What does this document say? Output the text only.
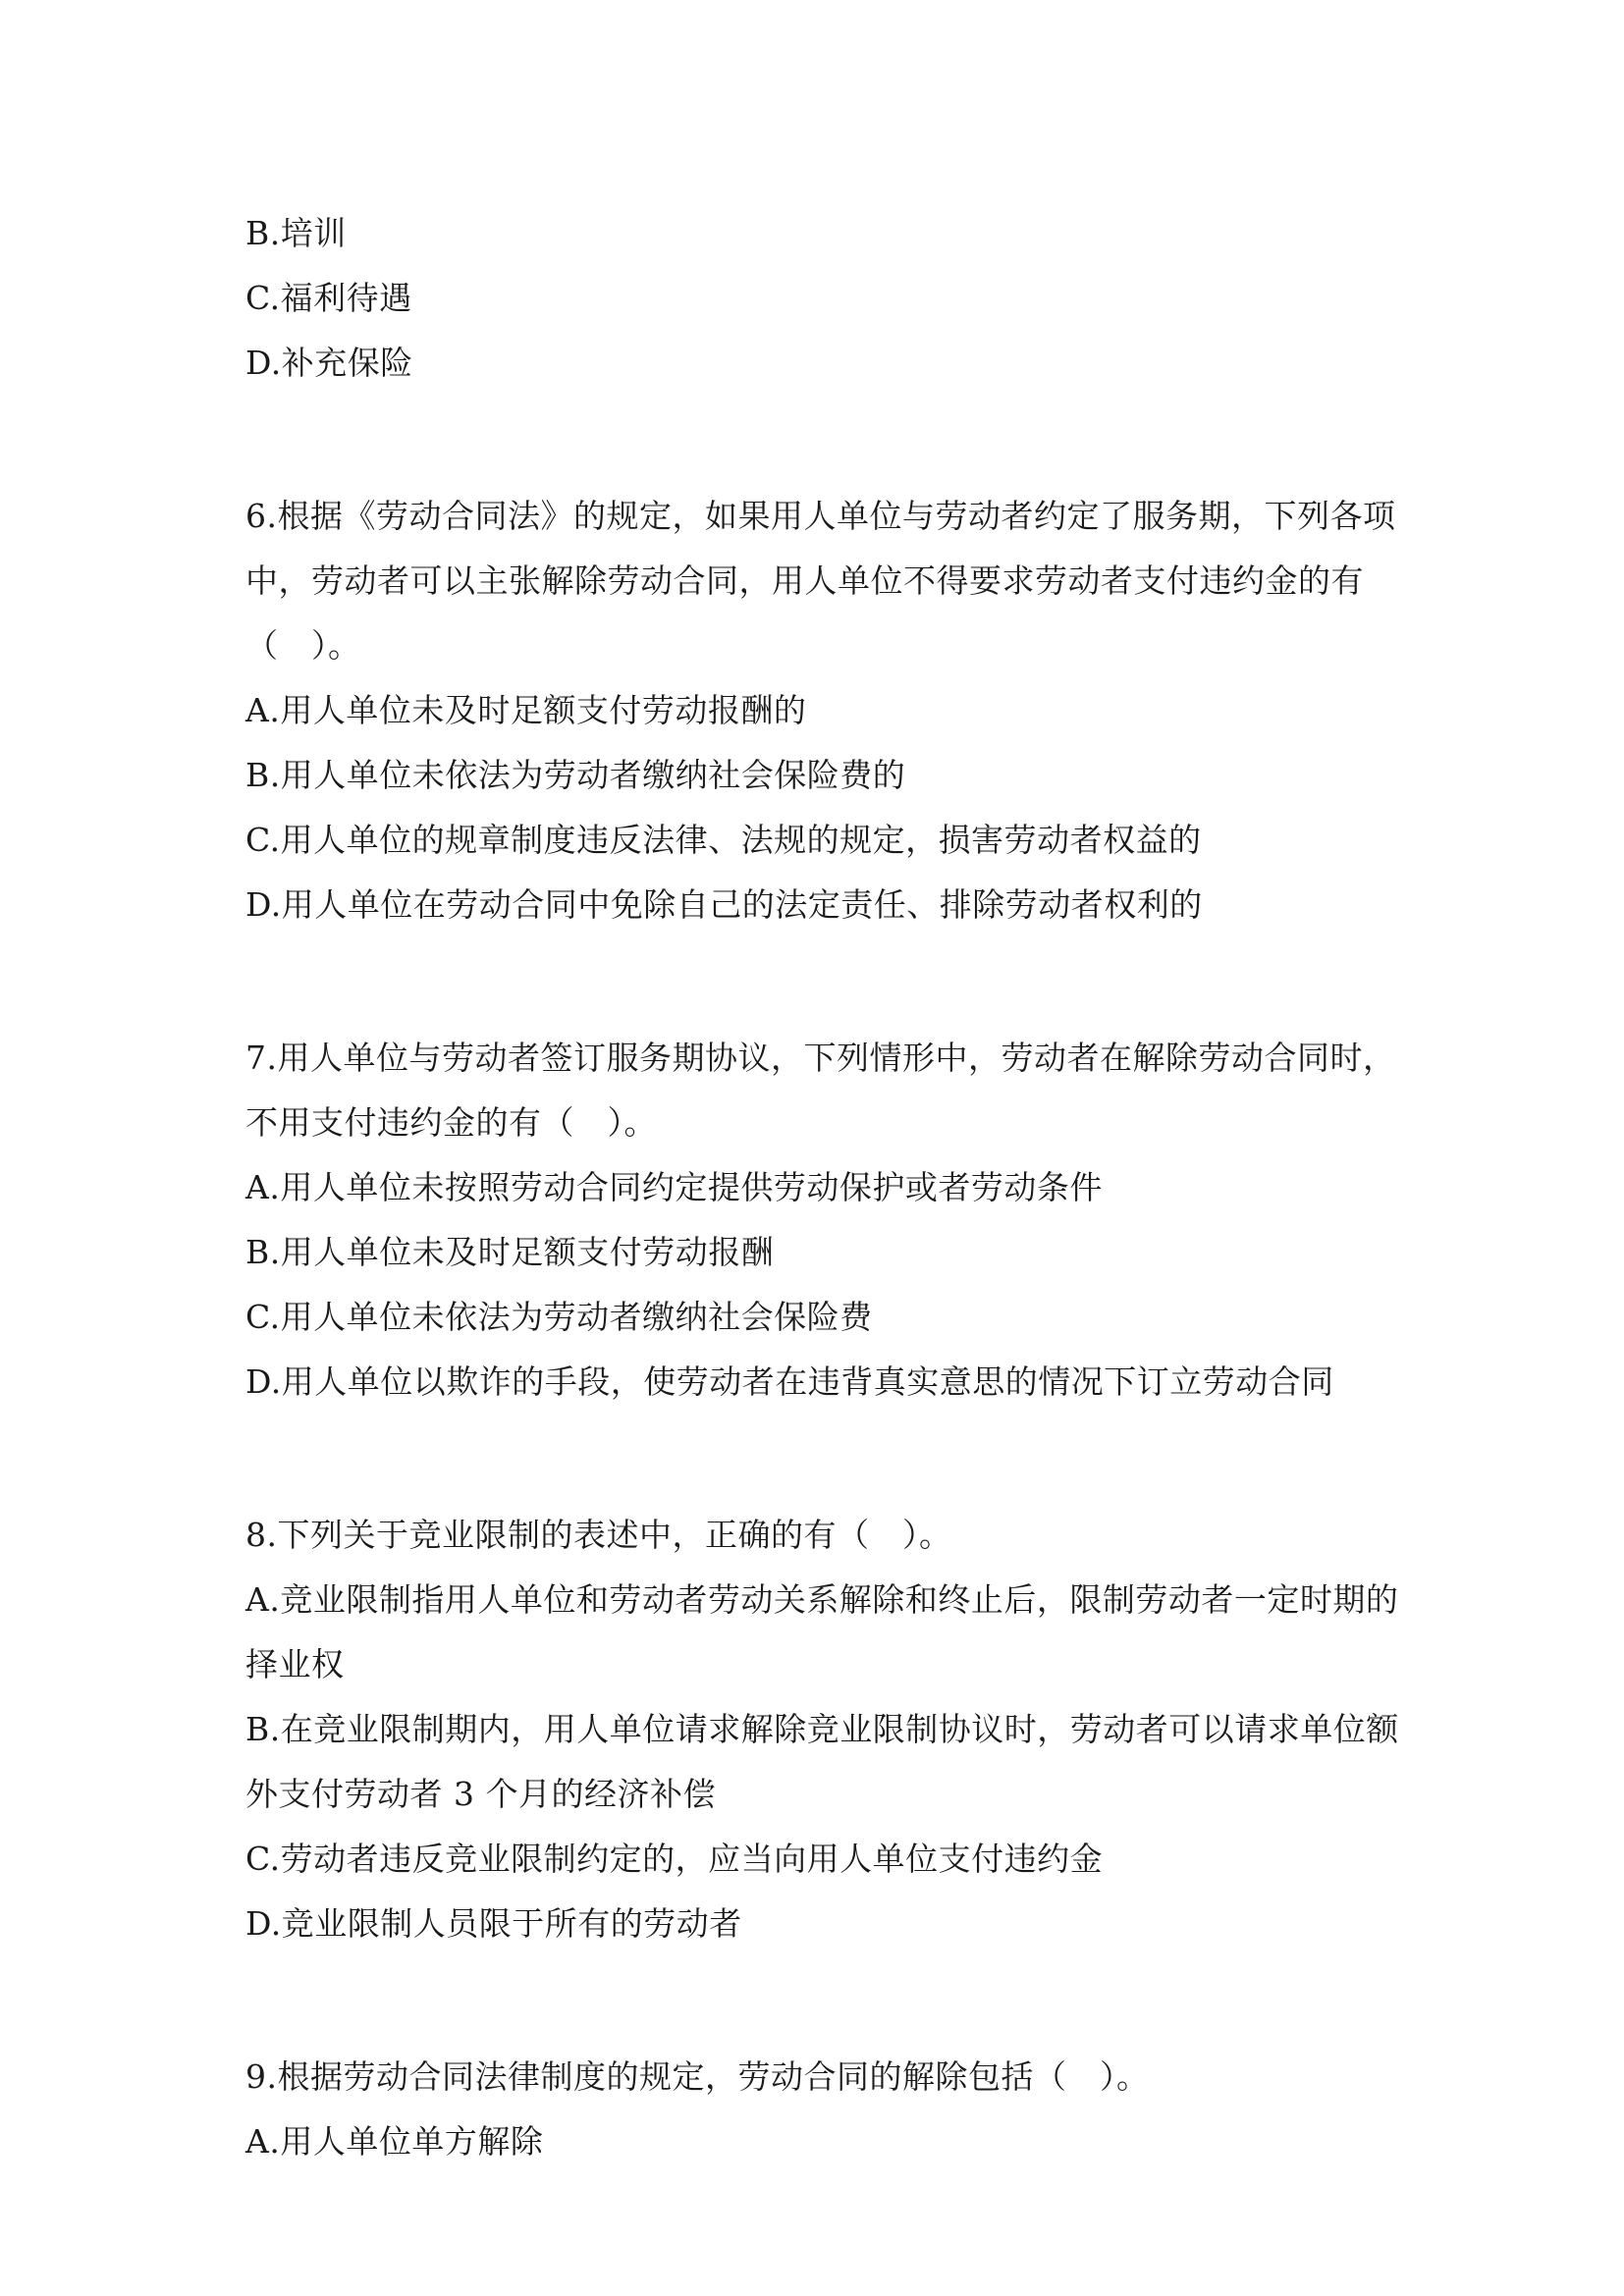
B.培训
C.福利待遇
D.补充保险
6.根据《劳动合同法》的规定，如果用人单位与劳动者约定了服务期，下列各项
中，劳动者可以主张解除劳动合同，用人单位不得要求劳动者支付违约金的有
（　）。
A.用人单位未及时足额支付劳动报酬的
B.用人单位未依法为劳动者缴纳社会保险费的
C.用人单位的规章制度违反法律、法规的规定，损害劳动者权益的
D.用人单位在劳动合同中免除自己的法定责任、排除劳动者权利的
7.用人单位与劳动者签订服务期协议，下列情形中，劳动者在解除劳动合同时，
不用支付违约金的有（　）。
A.用人单位未按照劳动合同约定提供劳动保护或者劳动条件
B.用人单位未及时足额支付劳动报酬
C.用人单位未依法为劳动者缴纳社会保险费
D.用人单位以欺诈的手段，使劳动者在违背真实意思的情况下订立劳动合同
8.下列关于竞业限制的表述中，正确的有（　）。
A.竞业限制指用人单位和劳动者劳动关系解除和终止后，限制劳动者一定时期的
择业权
B.在竞业限制期内，用人单位请求解除竞业限制协议时，劳动者可以请求单位额
外支付劳动者 3 个月的经济补偿
C.劳动者违反竞业限制约定的，应当向用人单位支付违约金
D.竞业限制人员限于所有的劳动者
9.根据劳动合同法律制度的规定，劳动合同的解除包括（　）。
A.用人单位单方解除
